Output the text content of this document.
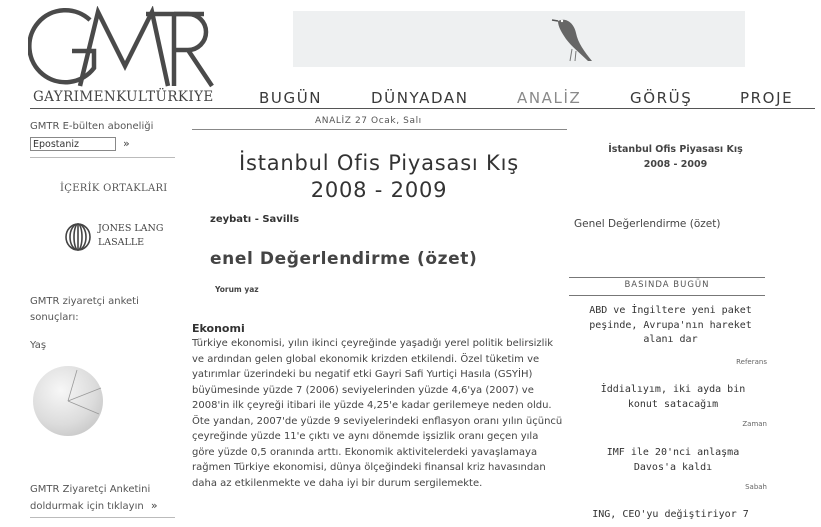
GAYRIMENKULTÜRKIYE	BUGÜN	DÜNYADAN	ANALİZ	GÖRÜŞ	PROJE
GMTR E-bülten aboneliği
Epostaniz
»
İÇERİK ORTAKLARI
JONES LANG
LASALLE
GMTR ziyaretçi anketi sonuçları:
Yaş
GMTR Ziyaretçi Anketini
doldurmak için tıklayın »
ANALİZ 27 Ocak, Salı
İstanbul Ofis Piyasası Kış 2008 - 2009
zeybatı - Savills
enel Değerlendirme (özet)
Yorum yaz
Ekonomi
Türkiye ekonomisi, yılın ikinci çeyreğinde yaşadığı yerel politik belirsizlik ve ardından gelen global ekonomik krizden etkilendi. Özel tüketim ve yatırımlar üzerindeki bu negatif etki Gayri Safi Yurtiçi Hasıla (GSYİH) büyümesinde yüzde 7 (2006) seviyelerinden yüzde 4,6'ya (2007) ve 2008'in ilk çeyreği itibari ile yüzde 4,25'e kadar gerilemeye neden oldu. Öte yandan, 2007'de yüzde 9 seviyelerindeki enflasyon oranı yılın üçüncü çeyreğinde yüzde 11'e çıktı ve aynı dönemde işsizlik oranı geçen yıla göre yüzde 0,5 oranında arttı. Ekonomik aktivitelerdeki yavaşlamaya rağmen Türkiye ekonomisi, dünya ölçeğindeki finansal kriz havasından daha az etkilenmekte ve daha iyi bir durum sergilemekte.
İstanbul Ofis Piyasası Kış
2008 - 2009
Genel Değerlendirme (özet)
BASINDA BUGÜN
ABD ve İngiltere yeni paket peşinde, Avrupa'nın hareket alanı dar
Referans
İddialıyım, iki ayda bin konut satacağım
Zaman
IMF ile 20'nci anlaşma Davos'a kaldı
Sabah
ING, CEO'yu değiştiriyor 7
